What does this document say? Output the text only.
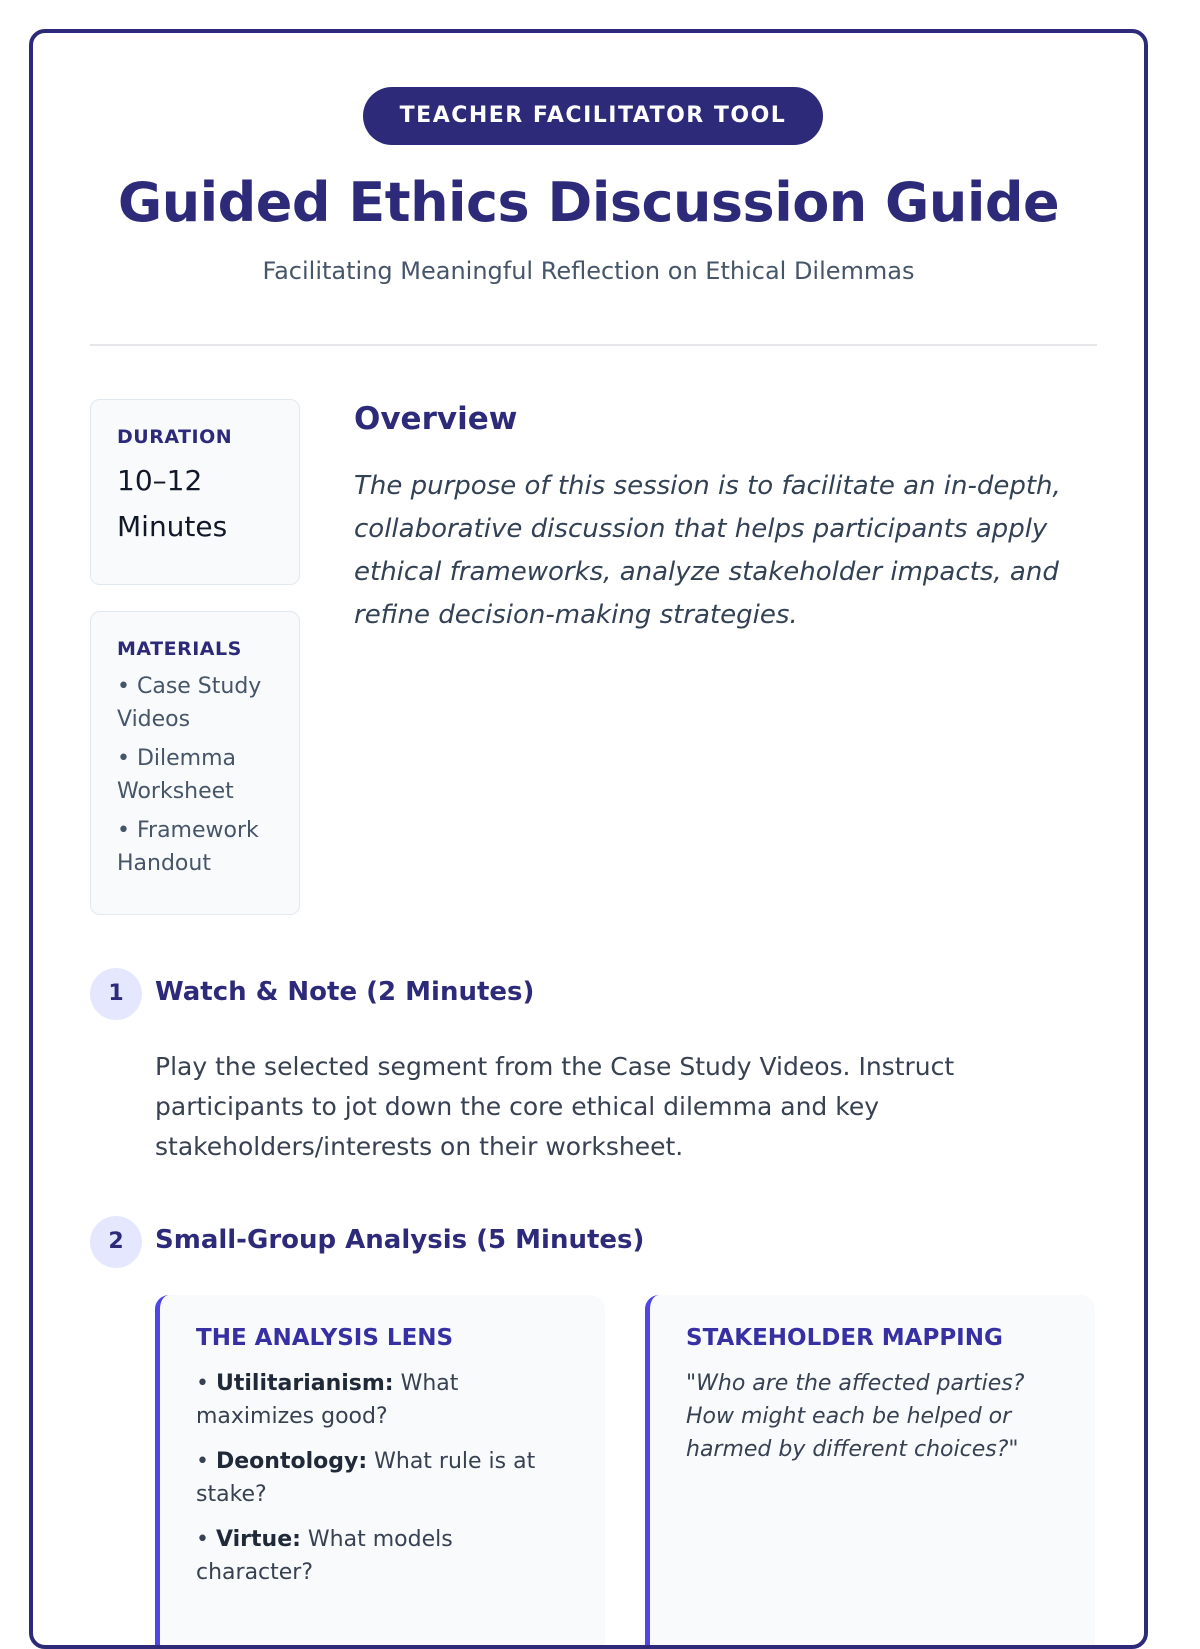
TEACHER FACILITATOR TOOL
Guided Ethics Discussion Guide
Facilitating Meaningful Reflection on Ethical Dilemmas
DURATION
10–12
Minutes
MATERIALS
• Case Study Videos
• Dilemma Worksheet
• Framework Handout
Overview
The purpose of this session is to facilitate an in-depth, collaborative discussion that helps participants apply ethical frameworks, analyze stakeholder impacts, and refine decision-making strategies.
1	Watch & Note (2 Minutes)
Play the selected segment from the Case Study Videos. Instruct participants to jot down the core ethical dilemma and key stakeholders/interests on their worksheet.
2	Small-Group Analysis (5 Minutes)
THE ANALYSIS LENS
• Utilitarianism: What maximizes good?
• Deontology: What rule is at stake?
• Virtue: What models character?
STAKEHOLDER MAPPING
"Who are the affected parties? How might each be helped or harmed by different choices?"
